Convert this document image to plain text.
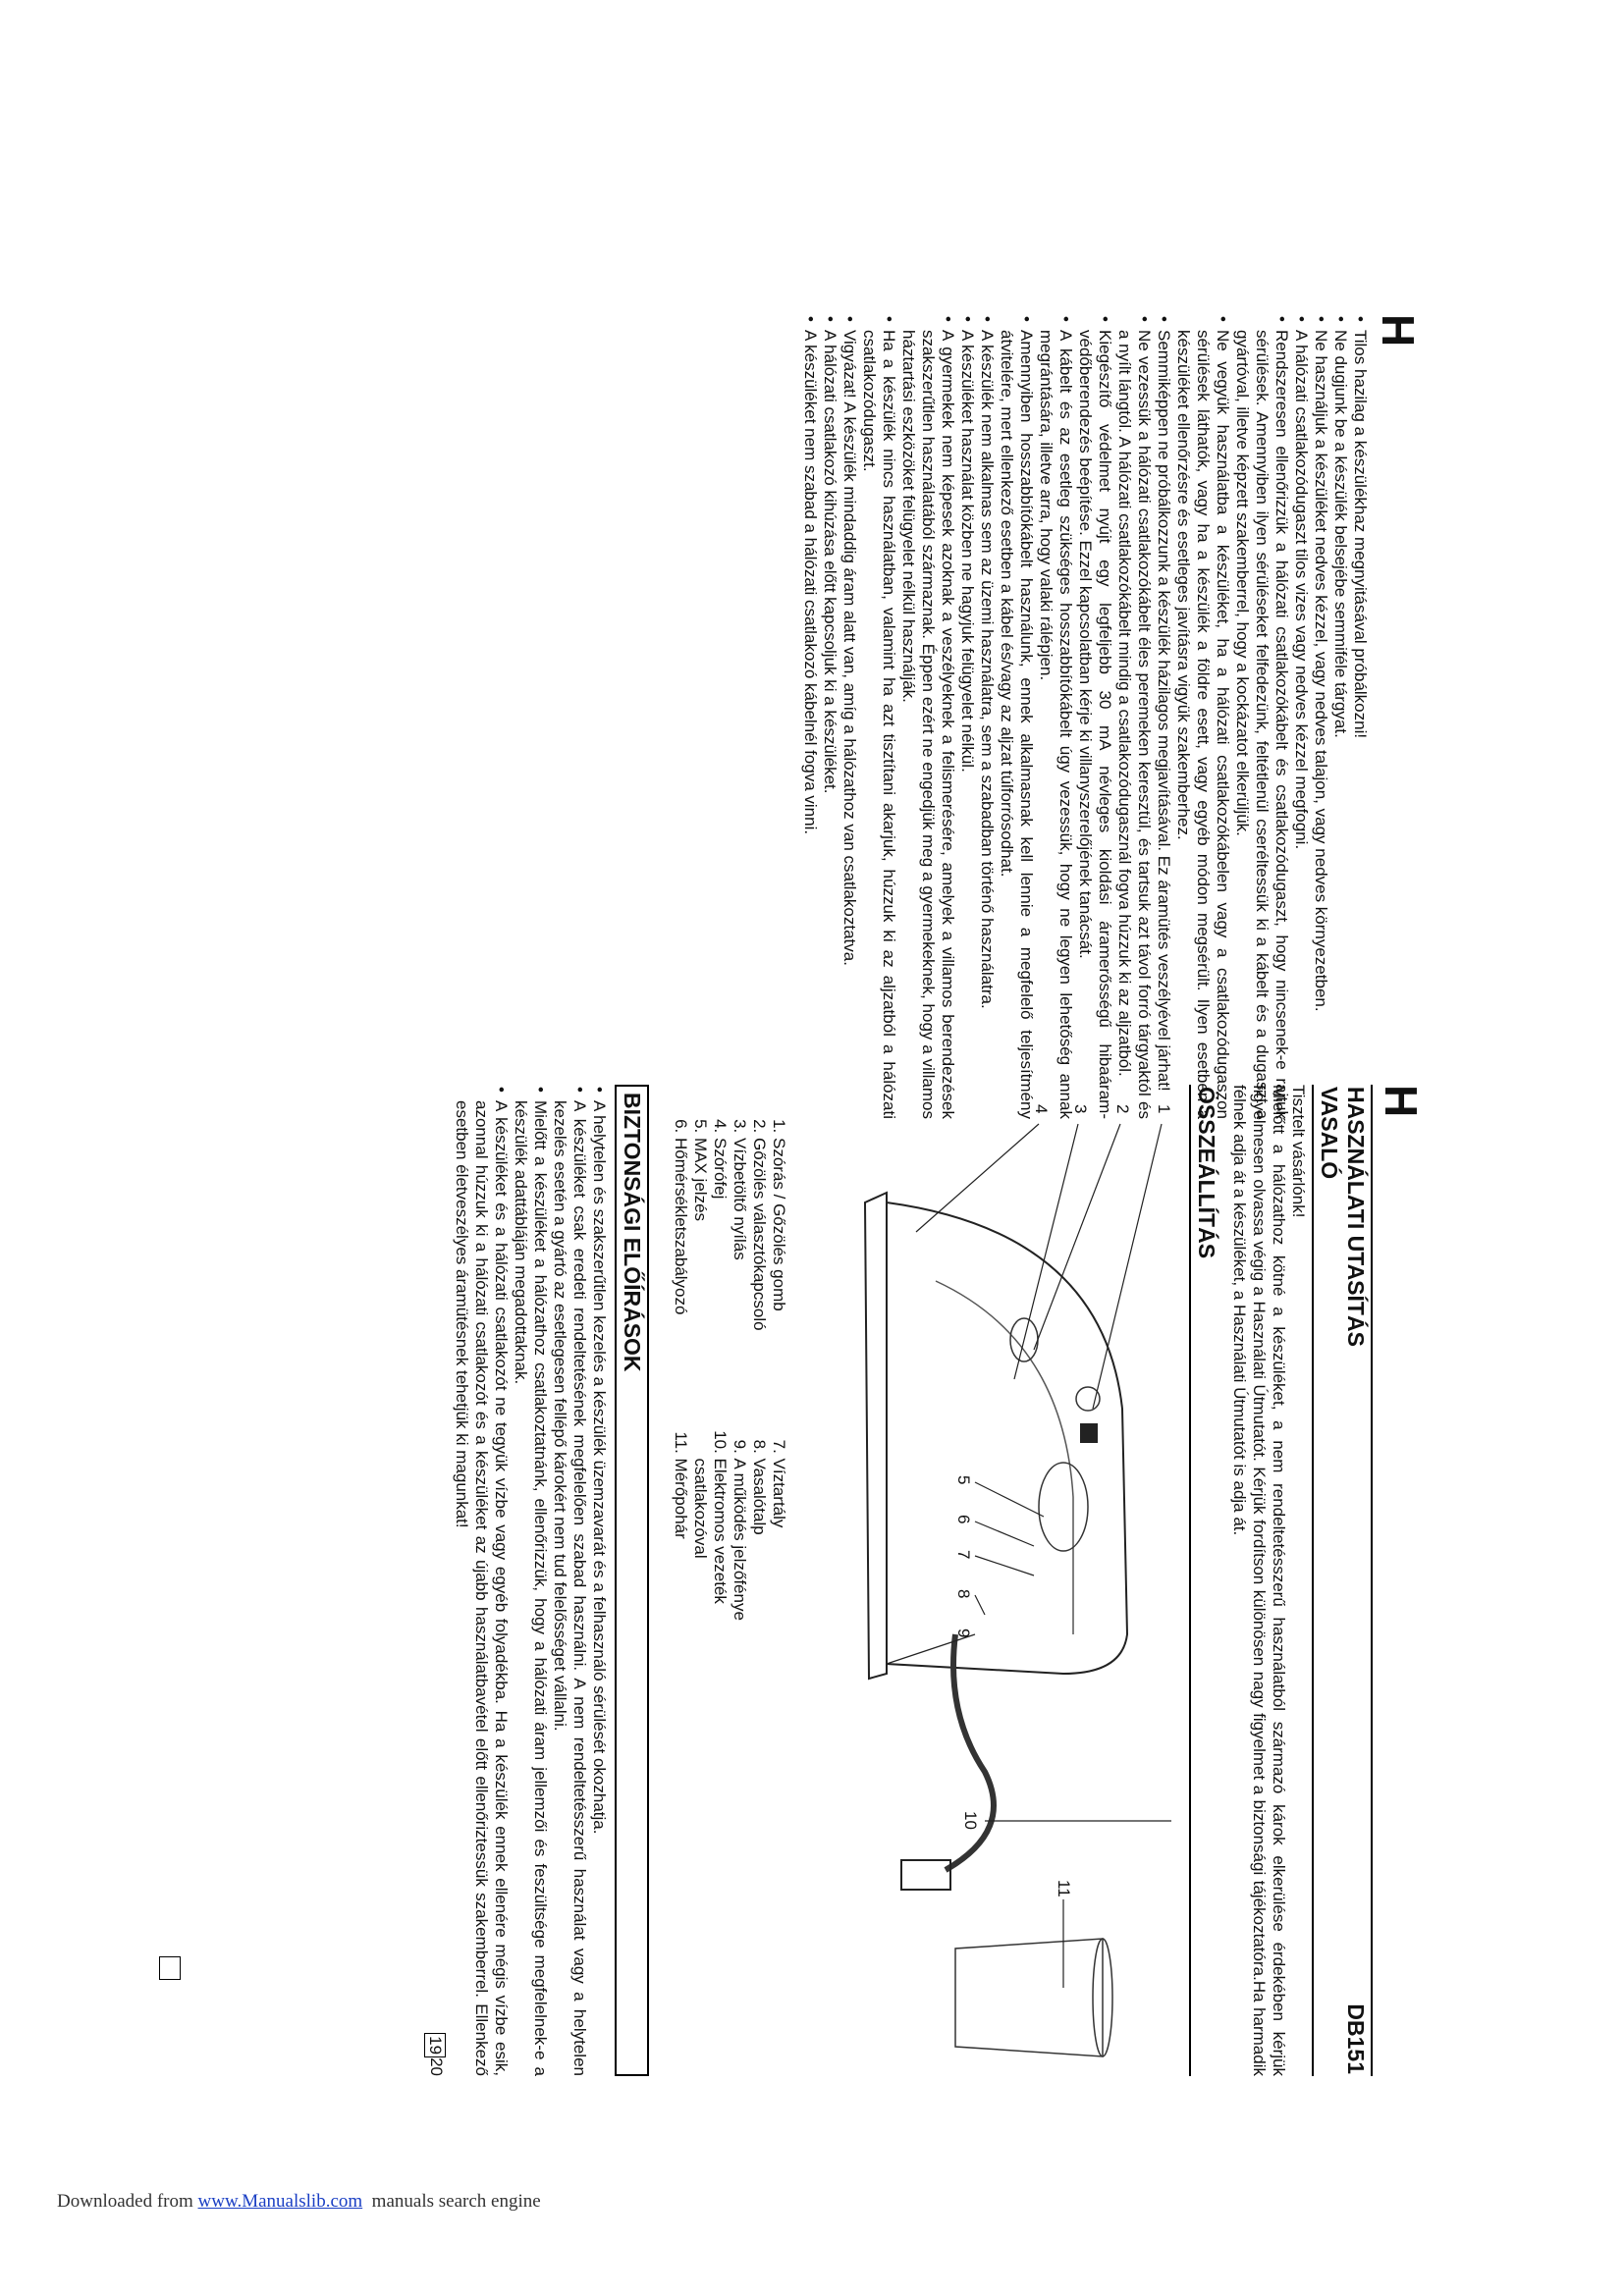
H
HASZNÁLATI UTASÍTÁS
DB151
VASALÓ
Tisztelt vásárlónk!
Mielőtt a hálózathoz kötné a készüléket, a nem rendeltetésszerű használatból származó károk elkerülése érdekében kérjük figyelmesen olvassa végig a Használati Útmutatót. Kérjük fordítson különösen nagy figyelmet a biztonsági tájékoztatóra.Ha harmadik félnek adja át a készüléket, a Használati Útmutatót is adja át.
ÖSSZEÁLLÍTÁS
1
2
3
4
5
6
7
8
9
10
11
1. Szórás / Gőzölés gomb
2. Gőzölés választókapcsoló
3. Vízbetöltő nyílás
4. Szórófej
5. MAX jelzés
6. Hőmérsékletszabályozó
7. Víztartály
8. Vasalótalp
9. A működés jelzőfénye
10. Elektromos vezeték csatlakozóval
11. Mérőpohár
BIZTONSÁGI ELŐÍRÁSOK
• A helytelen és szakszerűtlen kezelés a készülék üzemzavarát és a felhasználó sérülését okozhatja.
• A készüléket csak eredeti rendeltetésének megfelelően szabad használni. A nem rendeltetésszerű használat vagy a helytelen kezelés esetén a gyártó az esetlegesen fellépő károkért nem tud felelősséget vállalni.
• Mielőtt a készüléket a hálózathoz csatlakoztatnánk, ellenőrizzük, hogy a hálózati áram jellemzői és feszültsége megfelelnek-e a készülék adattábláján megadottaknak.
• A készüléket és a hálózati csatlakozót ne tegyük vízbe vagy egyéb folyadékba. Ha a készülék ennek ellenére mégis vízbe esik, azonnal húzzuk ki a hálózati csatlakozót és a készüléket az újabb használatbavétel előtt ellenőriztessük szakemberrel. Ellenkező esetben életveszélyes áramütésnek tehetjük ki magunkat!
19
20
H
• Tilos hazilag a készülékhaz megnyitásával próbálkozni!
• Ne dugjunk be a készülék belsejébe semmiféle tárgyat.
• Ne használjuk a készüléket nedves kézzel, vagy nedves talajon, vagy nedves környezetben.
• A hálózati csatlakozódugaszt tilos vizes vagy nedves kézzel megfogni.
• Rendszeresen ellenőrizzük a hálózati csatlakozókábelt és csatlakozódugaszt, hogy nincsenek-e rajtuk sérülések. Amennyiben ilyen sérüléseket felfedezünk, feltétlenül cseréltessük ki a kábelt és a dugaszt a gyártóval, illetve képzett szakemberrel, hogy a kockázatot elkerüljük.
• Ne vegyük használatba a készüléket, ha a hálózati csatlakozókábelen vagy a csatlakozódugaszon sérülések láthatók, vagy ha a készülék a földre esett, vagy egyéb módon megsérült. Ilyen esetben a készüléket ellenőrzésre és esetleges javításra vigyük szakemberhez.
• Semmiképpen ne próbálkozzunk a készülék házilagos megjavításával. Ez áramütés veszélyével járhat!
• Ne vezessük a hálózati csatlakozókábelt éles peremeken keresztül, és tartsuk azt távol forró tárgyaktól és a nyílt lángtól. A hálózati csatlakozókábelt mindig a csatlakozódugasznál fogva húzzuk ki az aljzatból.
• Kiegészítő védelmet nyújt egy legfeljebb 30 mA névleges kioldási áramerősségű hibaáram-védőberendezés beépítése. Ezzel kapcsolatban kérje ki villanyszerelőjének tanácsát.
• A kábelt és az esetleg szükséges hosszabbítókábelt úgy vezessük, hogy ne legyen lehetőség annak megrántására, illetve arra, hogy valaki rálépjen.
• Amennyiben hosszabbítókábelt használunk, ennek alkalmasnak kell lennie a megfelelő teljesítmény átvitelére, mert ellenkező esetben a kábel és/vagy az aljzat túlforrósodhat.
• A készülék nem alkalmas sem az üzemi használatra, sem a szabadban történő használatra.
• A készüléket használat közben ne hagyjuk felügyelet nélkül.
• A gyermekek nem képesek azoknak a veszélyeknek a felismerésére, amelyek a villamos berendezések szakszerűtlen használatából származnak. Éppen ezért ne engedjük meg a gyermekeknek, hogy a villamos háztartási eszközöket felügyelet nélkül használják.
• Ha a készülék nincs használatban, valamint ha azt tisztítani akarjuk, húzzuk ki az aljzatból a hálózati csatlakozódugaszt.
• Vigyázat! A készülék mindaddig áram alatt van, amíg a hálózathoz van csatlakoztatva.
• A hálózati csatlakozó kihúzása előtt kapcsoljuk ki a készüléket.
• A készüléket nem szabad a hálózati csatlakozó kábelnél fogva vinni.
Downloaded from www.Manualslib.com  manuals search engine
